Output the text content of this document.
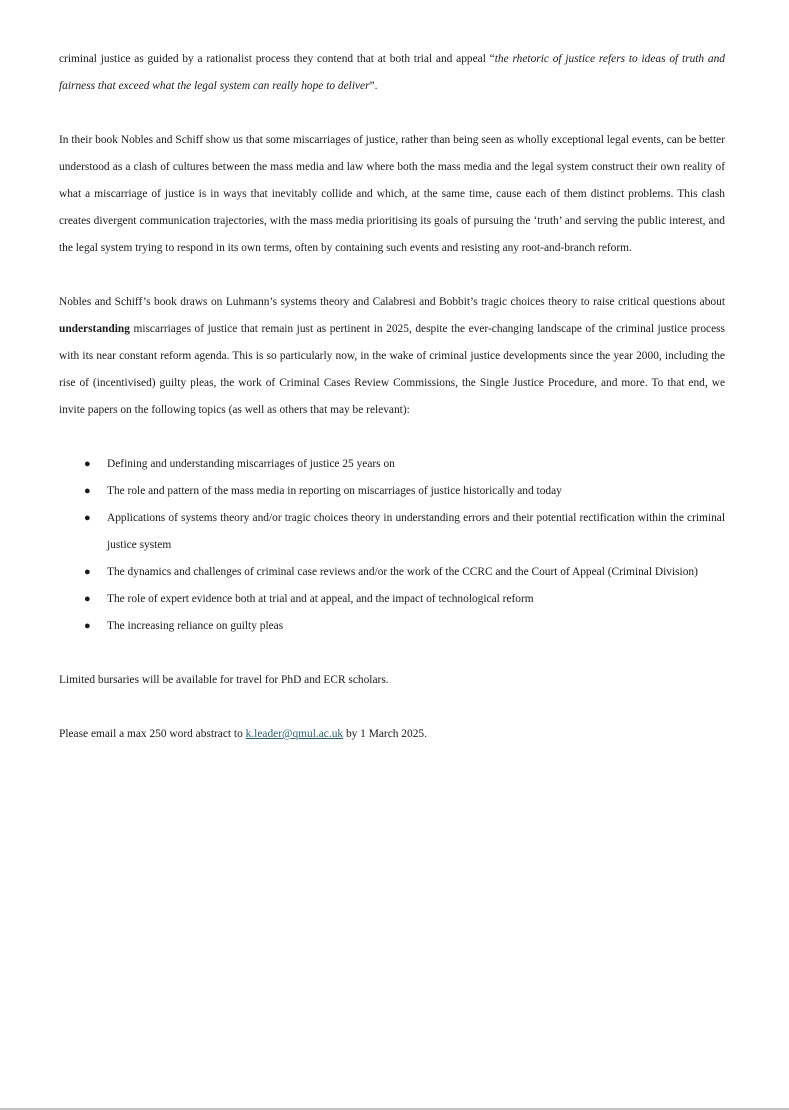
criminal justice as guided by a rationalist process they contend that at both trial and appeal “the rhetoric of justice refers to ideas of truth and fairness that exceed what the legal system can really hope to deliver”.

In their book Nobles and Schiff show us that some miscarriages of justice, rather than being seen as wholly exceptional legal events, can be better understood as a clash of cultures between the mass media and law where both the mass media and the legal system construct their own reality of what a miscarriage of justice is in ways that inevitably collide and which, at the same time, cause each of them distinct problems. This clash creates divergent communication trajectories, with the mass media prioritising its goals of pursuing the ‘truth’ and serving the public interest, and the legal system trying to respond in its own terms, often by containing such events and resisting any root-and-branch reform.

Nobles and Schiff’s book draws on Luhmann’s systems theory and Calabresi and Bobbit’s tragic choices theory to raise critical questions about understanding miscarriages of justice that remain just as pertinent in 2025, despite the ever-changing landscape of the criminal justice process with its near constant reform agenda. This is so particularly now, in the wake of criminal justice developments since the year 2000, including the rise of (incentivised) guilty pleas, the work of Criminal Cases Review Commissions, the Single Justice Procedure, and more. To that end, we invite papers on the following topics (as well as others that may be relevant):

● Defining and understanding miscarriages of justice 25 years on
● The role and pattern of the mass media in reporting on miscarriages of justice historically and today
● Applications of systems theory and/or tragic choices theory in understanding errors and their potential rectification within the criminal justice system
● The dynamics and challenges of criminal case reviews and/or the work of the CCRC and the Court of Appeal (Criminal Division)
● The role of expert evidence both at trial and at appeal, and the impact of technological reform
● The increasing reliance on guilty pleas

Limited bursaries will be available for travel for PhD and ECR scholars.

Please email a max 250 word abstract to k.leader@qmul.ac.uk by 1 March 2025.
